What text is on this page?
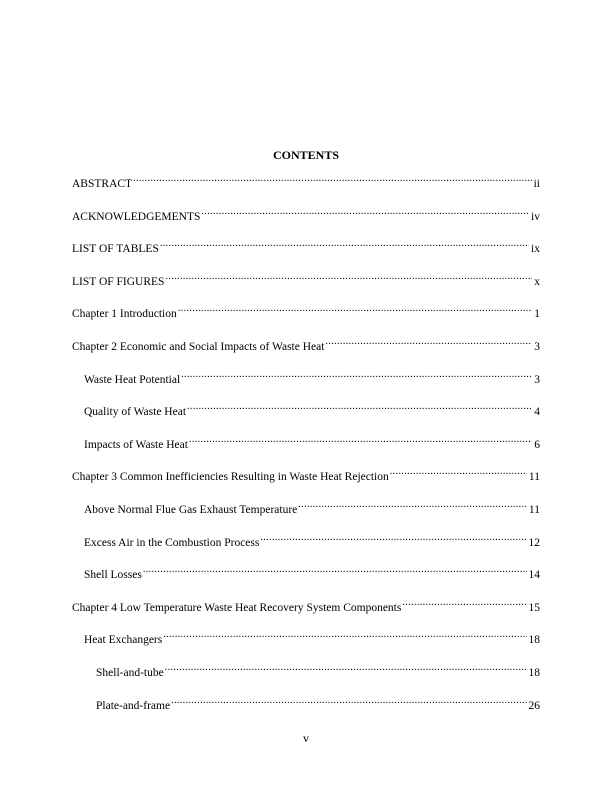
CONTENTS
ABSTRACT .....	ii
ACKNOWLEDGEMENTS .....	iv
LIST OF TABLES .....	ix
LIST OF FIGURES .....	x
Chapter 1 Introduction .....	1
Chapter 2 Economic and Social Impacts of Waste Heat .....	3
Waste Heat Potential .....	3
Quality of Waste Heat .....	4
Impacts of Waste Heat .....	6
Chapter 3 Common Inefficiencies Resulting in Waste Heat Rejection .....	11
Above Normal Flue Gas Exhaust Temperature .....	11
Excess Air in the Combustion Process .....	12
Shell Losses .....	14
Chapter 4 Low Temperature Waste Heat Recovery System Components .....	15
Heat Exchangers .....	18
Shell-and-tube .....	18
Plate-and-frame .....	26
v
